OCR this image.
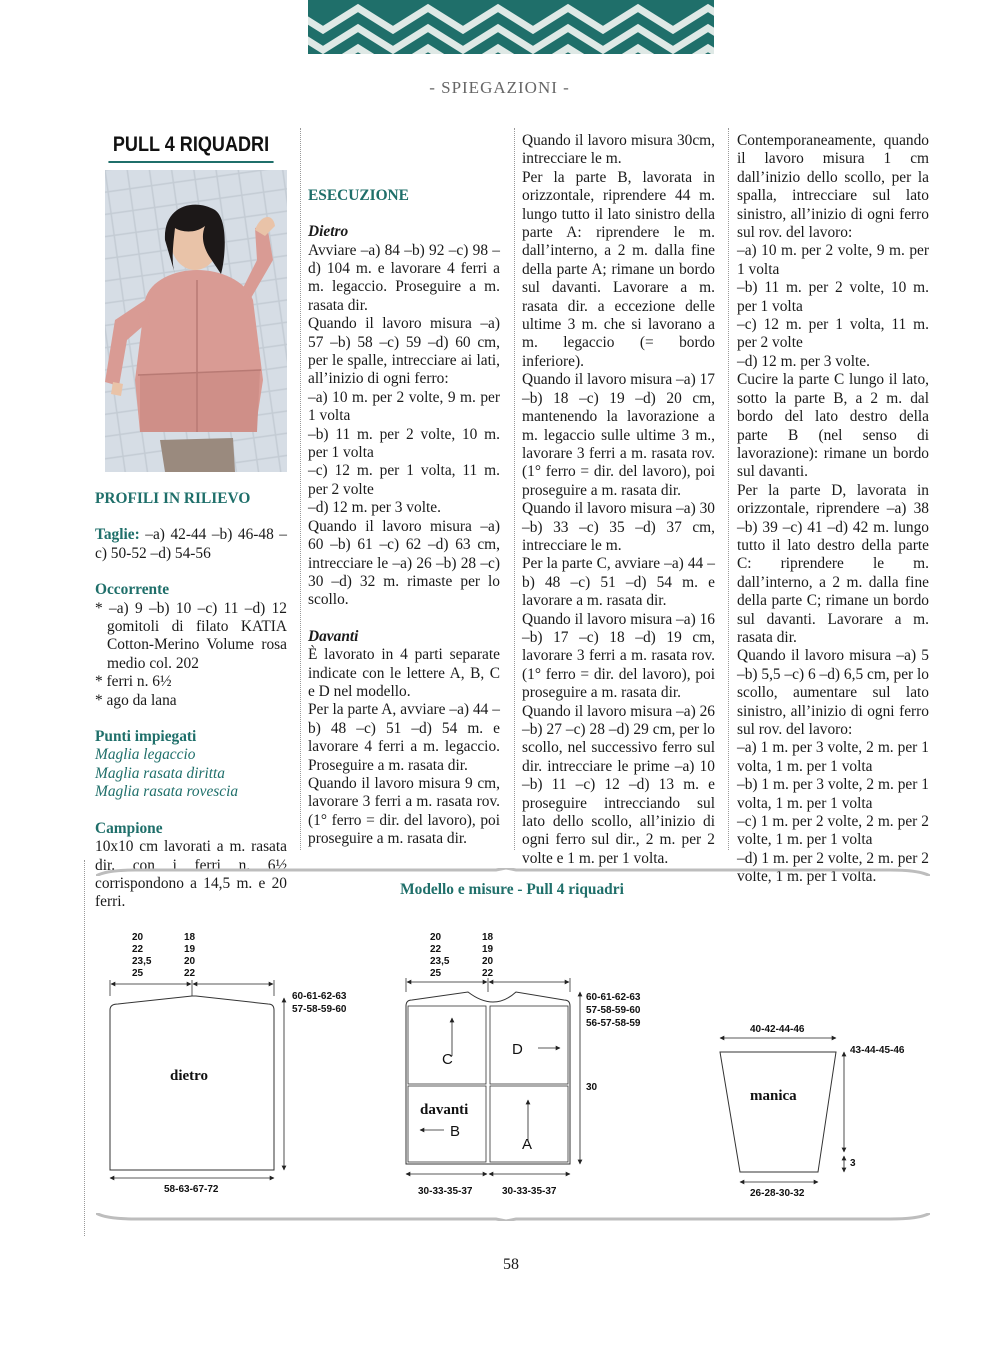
- SPIEGAZIONI -
PULL 4 RIQUADRI
PROFILI IN RILIEVO

Taglie: –a) 42-44 –b) 46-48 –c) 50-52 –d) 54-56

Occorrente

* –a) 9 –b) 10 –c) 11 –d) 12 gomitoli di filato KATIA Cotton-Merino Volume rosa medio col. 202

* ferri n. 6½

* ago da lana

Punti impiegati

Maglia legaccio

Maglia rasata diritta

Maglia rasata rovescia

Campione

10x10 cm lavorati a m. rasata dir. con i ferri n. 6½ corrispondono a 14,5 m. e 20 ferri.

ESECUZIONE
Dietro

Avviare –a) 84 –b) 92 –c) 98 –d) 104 m. e lavorare 4 ferri a m. legaccio. Proseguire a m. rasata dir.

Quando il lavoro misura –a) 57 –b) 58 –c) 59 –d) 60 cm, per le spalle, intrecciare ai lati, all’inizio di ogni ferro:

–a) 10 m. per 2 volte, 9 m. per 1 volta

–b) 11 m. per 2 volte, 10 m. per 1 volta

–c) 12 m. per 1 volta, 11 m. per 2 volte

–d) 12 m. per 3 volte.

Quando il lavoro misura –a) 60 –b) 61 –c) 62 –d) 63 cm, intrecciare le –a) 26 –b) 28 –c) 30 –d) 32 m. rimaste per lo scollo.

Davanti

È lavorato in 4 parti separate indicate con le lettere A, B, C e D nel modello.

Per la parte A, avviare –a) 44 –b) 48 –c) 51 –d) 54 m. e lavorare 4 ferri a m. legaccio. Proseguire a m. rasata dir.

Quando il lavoro misura 9 cm, lavorare 3 ferri a m. rasata rov. (1° ferro = dir. del lavoro), poi proseguire a m. rasata dir.

Quando il lavoro misura 30cm, intrecciare le m.

Per la parte B, lavorata in orizzontale, riprendere 44 m. lungo tutto il lato sinistro della parte A: riprendere le m. dall’interno, a 2 m. dalla fine della parte A; rimane un bordo sul davanti. Lavorare a m. rasata dir. a eccezione delle ultime 3 m. che si lavorano a m. legaccio (= bordo inferiore).

Quando il lavoro misura –a) 17 –b) 18 –c) 19 –d) 20 cm, mantenendo la lavorazione a m. legaccio sulle ultime 3 m., lavorare 3 ferri a m. rasata rov. (1° ferro = dir. del lavoro), poi proseguire a m. rasata dir.

Quando il lavoro misura –a) 30 –b) 33 –c) 35 –d) 37 cm, intrecciare le m.

Per la parte C, avviare –a) 44 –b) 48 –c) 51 –d) 54 m. e lavorare a m. rasata dir.

Quando il lavoro misura –a) 16 –b) 17 –c) 18 –d) 19 cm, lavorare 3 ferri a m. rasata rov. (1° ferro = dir. del lavoro), poi proseguire a m. rasata dir.

Quando il lavoro misura –a) 26 –b) 27 –c) 28 –d) 29 cm, per lo scollo, nel successivo ferro sul dir. intrecciare le prime –a) 10 –b) 11 –c) 12 –d) 13 m. e proseguire intrecciando sul lato dello scollo, all’inizio di ogni ferro sul dir., 2 m. per 2 volte e 1 m. per 1 volta.

Contemporaneamente, quando il lavoro misura 1 cm dall’inizio dello scollo, per la spalla, intrecciare sul lato sinistro, all’inizio di ogni ferro sul rov. del lavoro:

–a) 10 m. per 2 volte, 9 m. per 1 volta

–b) 11 m. per 2 volte, 10 m. per 1 volta

–c) 12 m. per 1 volta, 11 m. per 2 volte

–d) 12 m. per 3 volte.

Cucire la parte C lungo il lato, sotto la parte B, a 2 m. dal bordo del lato destro della parte B (nel senso di lavorazione): rimane un bordo sul davanti.

Per la parte D, lavorata in orizzontale, riprendere –a) 38 –b) 39 –c) 41 –d) 42 m. lungo tutto il lato destro della parte C: riprendere le m. dall’interno, a 2 m. dalla fine della parte C; rimane un bordo sul davanti. Lavorare a m. rasata dir.

Quando il lavoro misura –a) 5 –b) 5,5 –c) 6 –d) 6,5 cm, per lo scollo, aumentare sul lato sinistro, all’inizio di ogni ferro sul rov. del lavoro:

–a) 1 m. per 3 volte, 2 m. per 1 volta, 1 m. per 1 volta

–b) 1 m. per 3 volte, 2 m. per 1 volta, 1 m. per 1 volta

–c) 1 m. per 2 volte, 2 m. per 2 volte, 1 m. per 1 volta

–d) 1 m. per 2 volte, 2 m. per 2 volte, 1 m. per 1 volta.

Modello e misure - Pull 4 riquadri
20
22
23,5
25
18
19
20
22
60-61-62-63
57-58-59-60
58-63-67-72
dietro
20
22
23,5
25
18
19
20
22
60-61-62-63
57-58-59-60
56-57-58-59
30
30-33-35-37	30-33-35-37
C
D
A
B
davanti
40-42-44-46
43-44-45-46
3
26-28-30-32
manica
58
